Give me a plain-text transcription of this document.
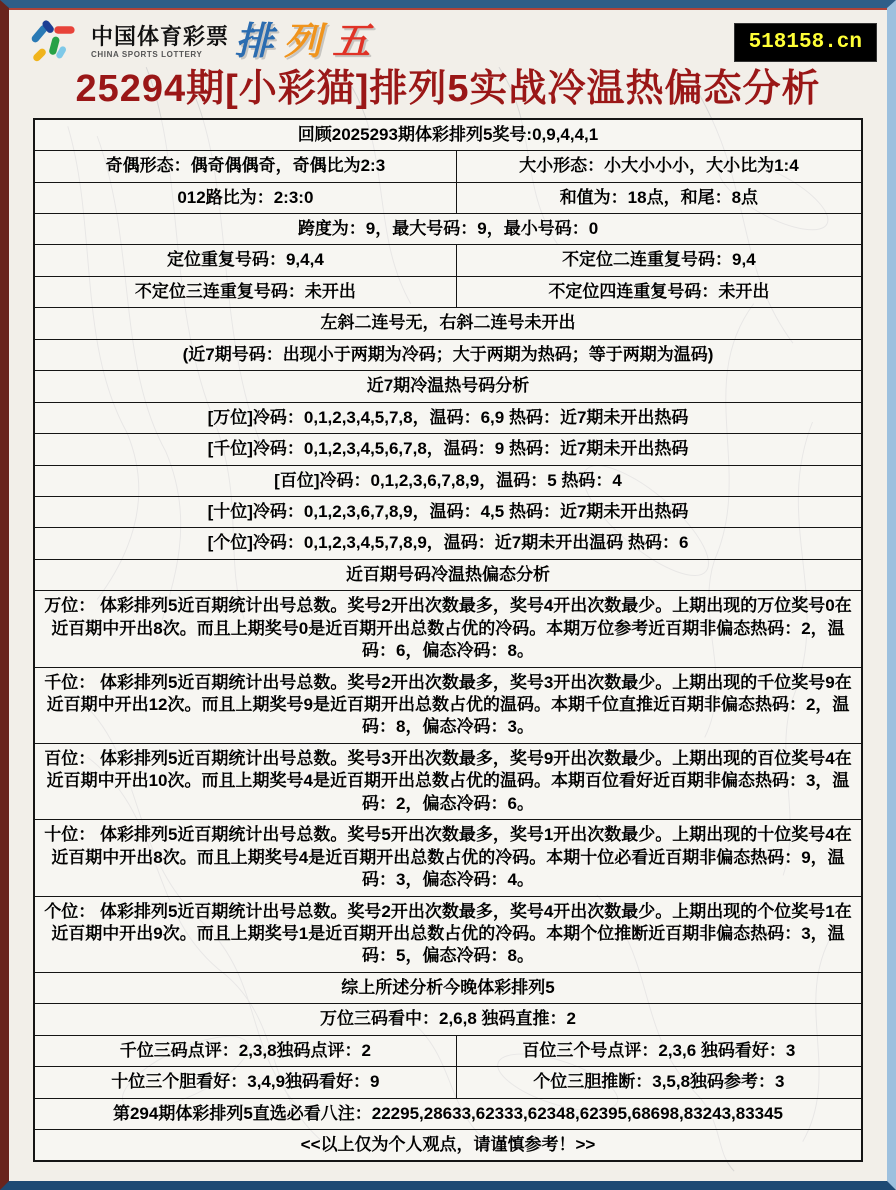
中国体育彩票
CHINA SPORTS LOTTERY 排 列 五	518158.cn
25294期[小彩猫]排列5实战冷温热偏态分析
回顾2025293期体彩排列5奖号:0,9,4,4,1	
奇偶形态：偶奇偶偶奇，奇偶比为2:3	大小形态：小大小小小，大小比为1:4
012路比为：2:3:0	和值为：18点，和尾：8点
跨度为：9，最大号码：9，最小号码：0	
定位重复号码：9,4,4	不定位二连重复号码：9,4
不定位三连重复号码：未开出	不定位四连重复号码：未开出
左斜二连号无，右斜二连号未开出	
(近7期号码：出现小于两期为冷码；大于两期为热码；等于两期为温码)	
近7期冷温热号码分析	
[万位]冷码：0,1,2,3,4,5,7,8，温码：6,9 热码：近7期未开出热码	
[千位]冷码：0,1,2,3,4,5,6,7,8，温码：9 热码：近7期未开出热码	
[百位]冷码：0,1,2,3,6,7,8,9，温码：5 热码：4	
[十位]冷码：0,1,2,3,6,7,8,9，温码：4,5 热码：近7期未开出热码	
[个位]冷码：0,1,2,3,4,5,7,8,9，温码：近7期未开出温码 热码：6	
近百期号码冷温热偏态分析	
万位： 体彩排列5近百期统计出号总数。奖号2开出次数最多，奖号4开出次数最少。上期出现的万位奖号0在近百期中开出8次。而且上期奖号0是近百期开出总数占优的冷码。本期万位参考近百期非偏态热码：2，温码：6，偏态冷码：8。	
千位： 体彩排列5近百期统计出号总数。奖号2开出次数最多，奖号3开出次数最少。上期出现的千位奖号9在近百期中开出12次。而且上期奖号9是近百期开出总数占优的温码。本期千位直推近百期非偏态热码：2，温码：8，偏态冷码：3。	
百位： 体彩排列5近百期统计出号总数。奖号3开出次数最多，奖号9开出次数最少。上期出现的百位奖号4在近百期中开出10次。而且上期奖号4是近百期开出总数占优的温码。本期百位看好近百期非偏态热码：3，温码：2，偏态冷码：6。	
十位： 体彩排列5近百期统计出号总数。奖号5开出次数最多，奖号1开出次数最少。上期出现的十位奖号4在近百期中开出8次。而且上期奖号4是近百期开出总数占优的冷码。本期十位必看近百期非偏态热码：9，温码：3，偏态冷码：4。	
个位： 体彩排列5近百期统计出号总数。奖号2开出次数最多，奖号4开出次数最少。上期出现的个位奖号1在近百期中开出9次。而且上期奖号1是近百期开出总数占优的冷码。本期个位推断近百期非偏态热码：3，温码：5，偏态冷码：8。	
综上所述分析今晚体彩排列5	
万位三码看中：2,6,8 独码直推：2	
千位三码点评：2,3,8独码点评：2	百位三个号点评：2,3,6 独码看好：3
十位三个胆看好：3,4,9独码看好：9	个位三胆推断：3,5,8独码参考：3
第294期体彩排列5直选必看八注：22295,28633,62333,62348,62395,68698,83243,83345	
<<以上仅为个人观点，请谨慎参考！>>	
